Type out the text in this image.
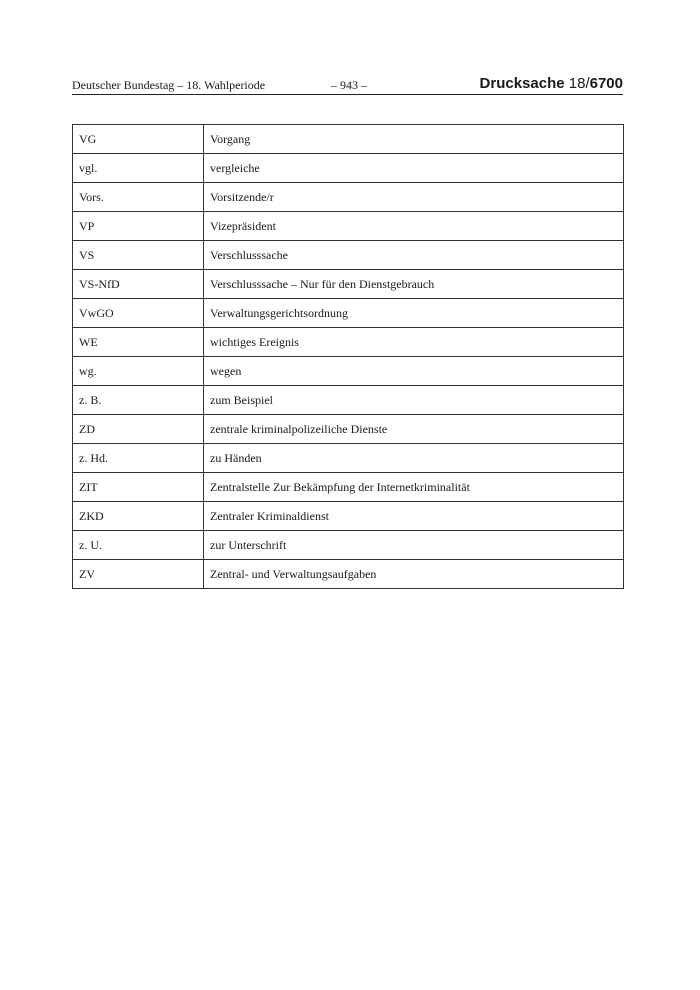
Deutscher Bundestag – 18. Wahlperiode	– 943 –	Drucksache 18/6700
VG	Vorgang
vgl.	vergleiche
Vors.	Vorsitzende/r
VP	Vizepräsident
VS	Verschlusssache
VS-NfD	Verschlusssache – Nur für den Dienstgebrauch
VwGO	Verwaltungsgerichtsordnung
WE	wichtiges Ereignis
wg.	wegen
z. B.	zum Beispiel
ZD	zentrale kriminalpolizeiliche Dienste
z. Hd.	zu Händen
ZIT	Zentralstelle Zur Bekämpfung der Internetkriminalität
ZKD	Zentraler Kriminaldienst
z. U.	zur Unterschrift
ZV	Zentral- und Verwaltungsaufgaben
